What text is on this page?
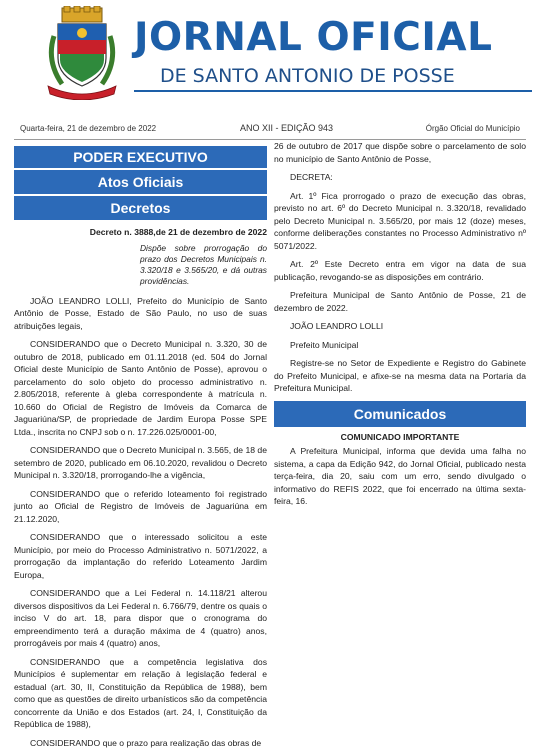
JORNAL OFICIAL
DE SANTO ANTONIO DE POSSE
Quarta-feira, 21 de dezembro de 2022	ANO XII - EDIÇÃO 943	Órgão Oficial do Município
PODER EXECUTIVO
Atos Oficiais
Decretos
Decreto n. 3888,de 21 de dezembro de 2022
Dispõe sobre prorrogação do prazo dos Decretos Municipais n. 3.320/18 e 3.565/20, e dá outras providências.

JOÃO LEANDRO LOLLI, Prefeito do Município de Santo Antônio de Posse, Estado de São Paulo, no uso de suas atribuições legais,

CONSIDERANDO que o Decreto Municipal n. 3.320, 30 de outubro de 2018, publicado em 01.11.2018 (ed. 504 do Jornal Oficial deste Município de Santo Antônio de Posse), aprovou o parcelamento do solo objeto do processo administrativo n. 2.805/2018, referente à gleba correspondente à matrícula n. 10.660 do Oficial de Registro de Imóveis da Comarca de Jaguariúna/SP, de propriedade de Jardim Europa Posse SPE Ltda., inscrita no CNPJ sob o n. 17.226.025/0001-00,

CONSIDERANDO que o Decreto Municipal n. 3.565, de 18 de setembro de 2020, publicado em 06.10.2020, revalidou o Decreto Municipal n. 3.320/18, prorrogando-lhe a vigência,

CONSIDERANDO que o referido loteamento foi registrado junto ao Oficial de Registro de Imóveis de Jaguariúna em 21.12.2020,

CONSIDERANDO que o interessado solicitou a este Município, por meio do Processo Administrativo n. 5071/2022, a prorrogação da implantação do referido Loteamento Jardim Europa,

CONSIDERANDO que a Lei Federal n. 14.118/21 alterou diversos dispositivos da Lei Federal n. 6.766/79, dentre os quais o inciso V do art. 18, para dispor que o cronograma do empreendimento terá a duração máxima de 4 (quatro) anos, prorrogáveis por mais 4 (quatro) anos,

CONSIDERANDO que a competência legislativa dos Municípios é suplementar em relação à legislação federal e estadual (art. 30, II, Constituição da República de 1988), bem como que as questões de direito urbanísticos são da competência concorrente da União e dos Estados (art. 24, I, Constituição da República de 1988),

CONSIDERANDO que o prazo para realização das obras de

26 de outubro de 2017 que dispõe sobre o parcelamento de solo no município de Santo Antônio de Posse,

DECRETA:

Art. 1º Fica prorrogado o prazo de execução das obras, previsto no art. 6º do Decreto Municipal n. 3.320/18, revalidado pelo Decreto Municipal n. 3.565/20, por mais 12 (doze) meses, conforme deliberações constantes no Processo Administrativo nº 5071/2022.

Art. 2º Este Decreto entra em vigor na data de sua publicação, revogando-se as disposições em contrário.

Prefeitura Municipal de Santo Antônio de Posse, 21 de dezembro de 2022.

JOÃO LEANDRO LOLLI

Prefeito Municipal

Registre-se no Setor de Expediente e Registro do Gabinete do Prefeito Municipal, e afixe-se na mesma data na Portaria da Prefeitura Municipal.

Comunicados
COMUNICADO IMPORTANTE

A Prefeitura Municipal, informa que devida uma falha no sistema, a capa da Edição 942, do Jornal Oficial, publicado nesta terça-feira, dia 20, saiu com um erro, sendo divulgado o informativo do REFIS 2022, que foi encerrado na última sexta-feira, 16.
